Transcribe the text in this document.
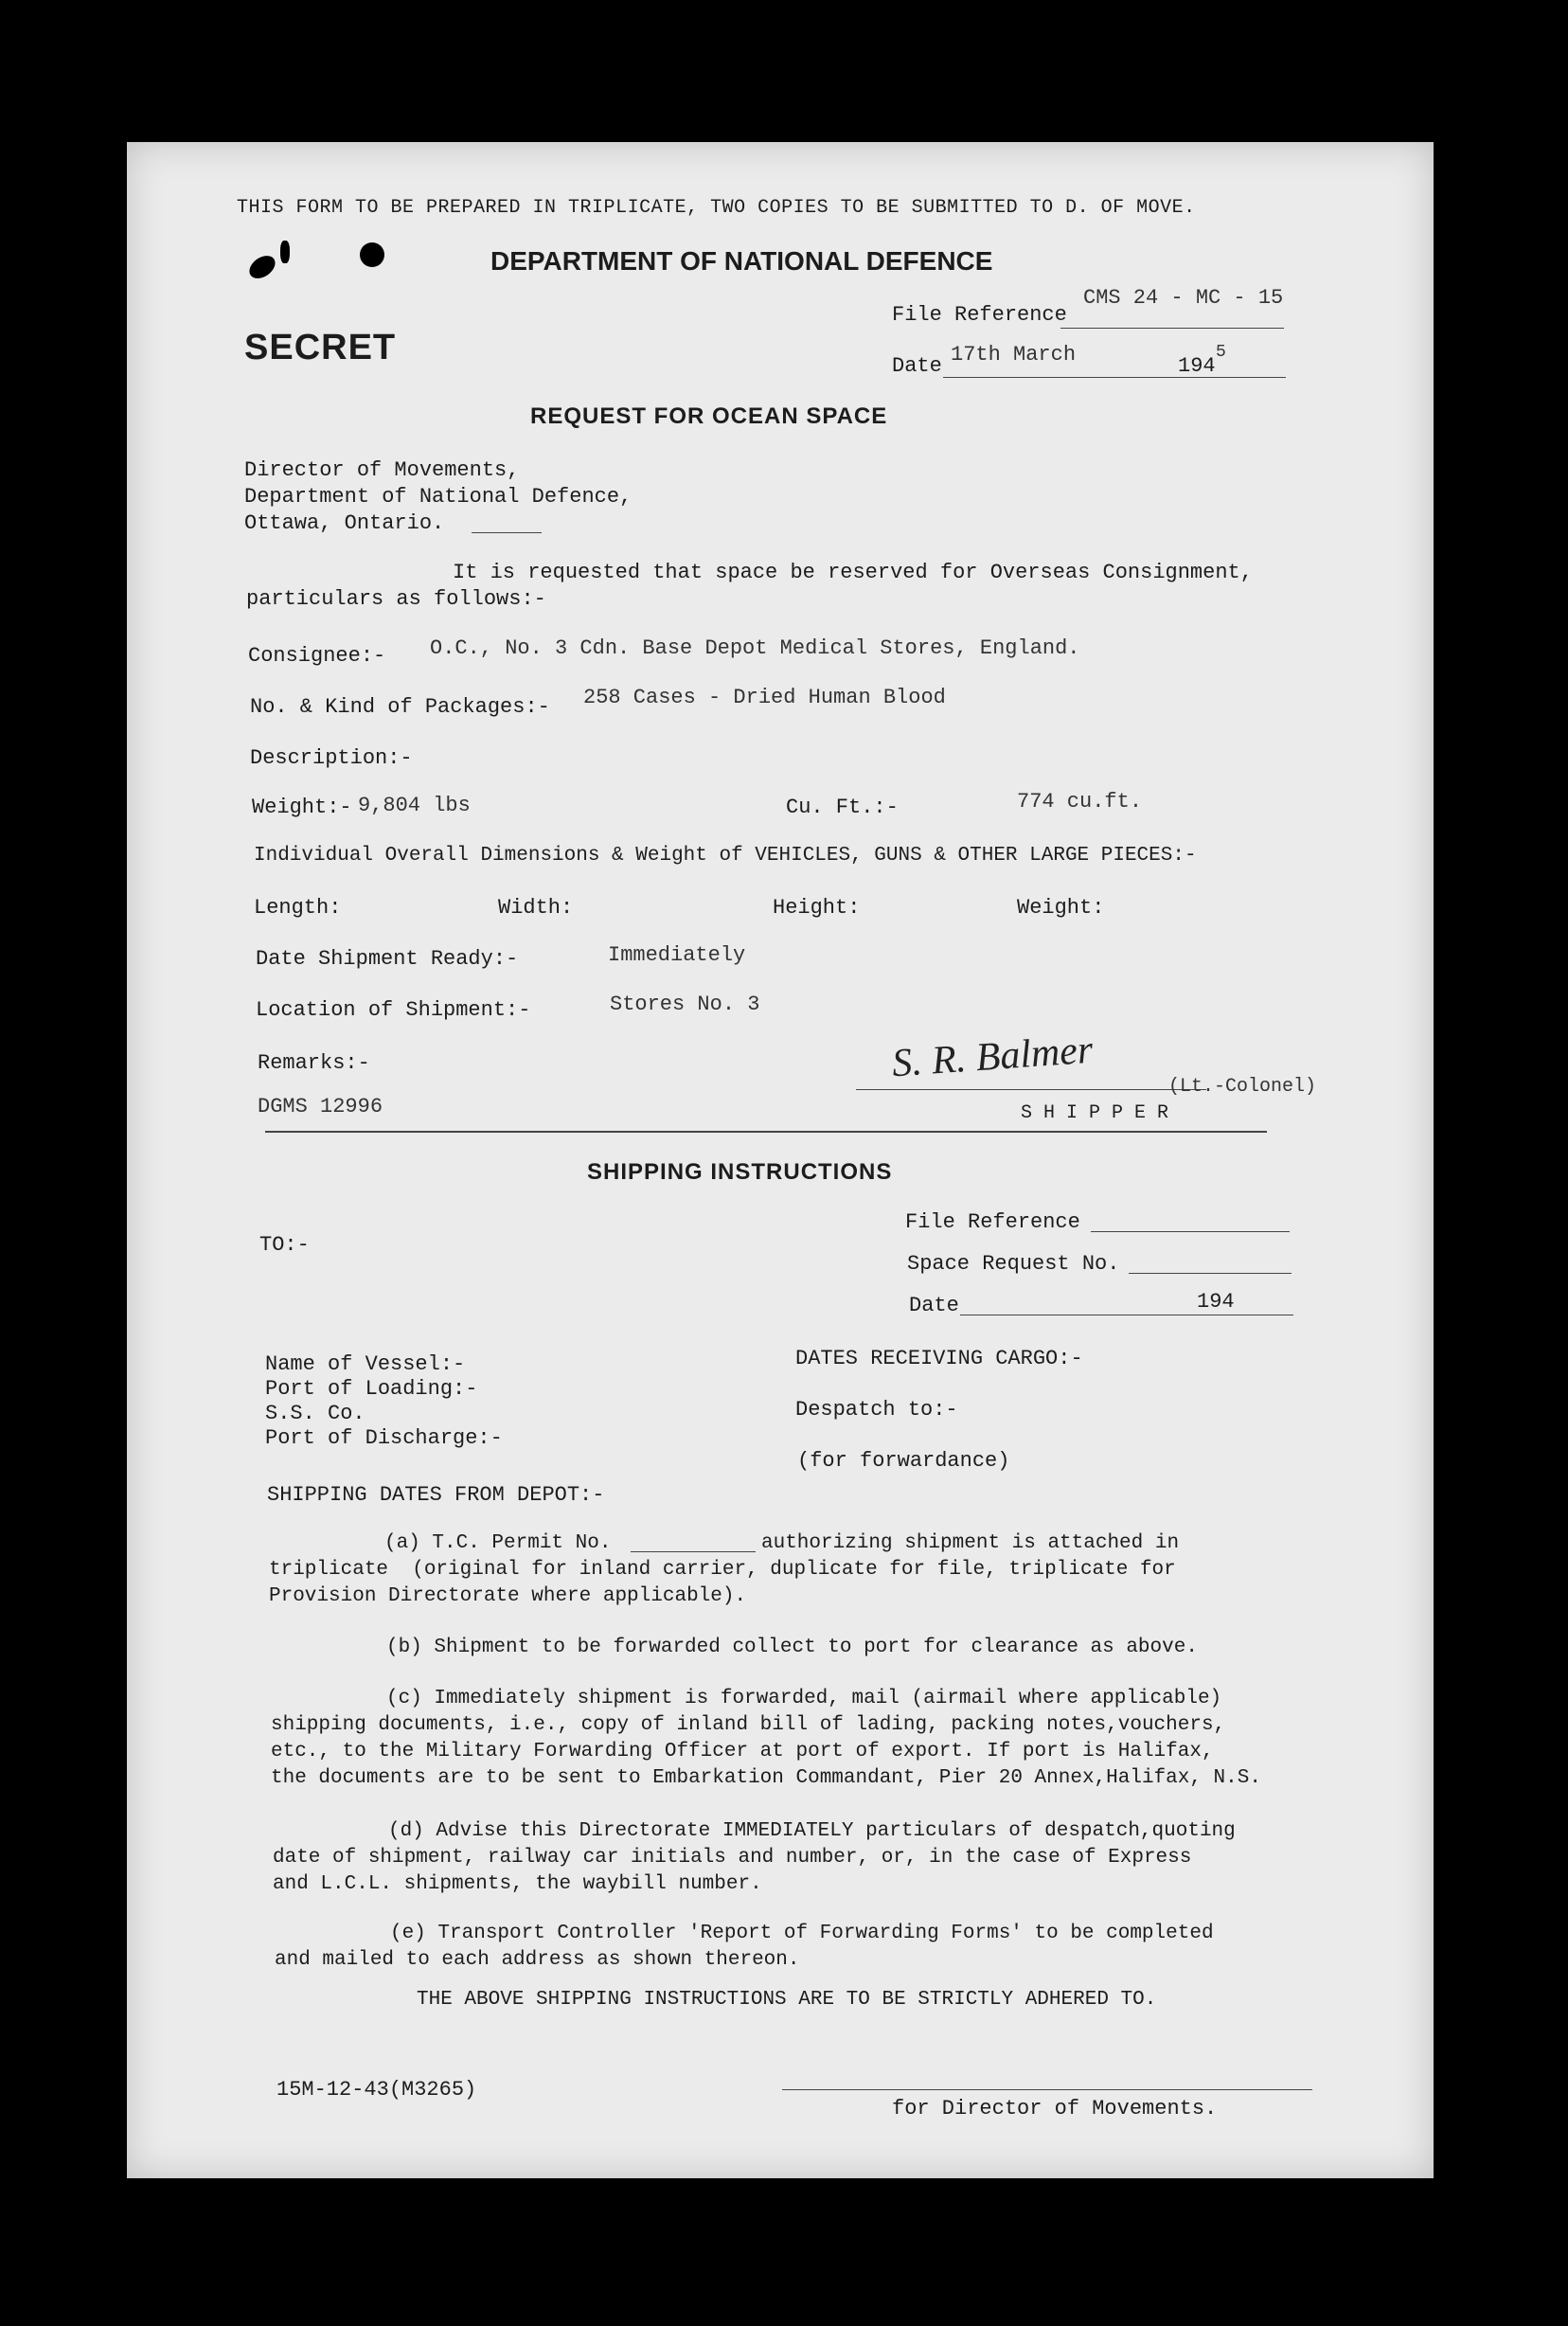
THIS FORM TO BE PREPARED IN TRIPLICATE, TWO COPIES TO BE SUBMITTED TO D. OF MOVE.
DEPARTMENT OF NATIONAL DEFENCE
File Reference
CMS 24 - MC - 15
SECRET	Date 17th March	194
5
REQUEST FOR OCEAN SPACE
Director of Movements,
Department of National Defence,
Ottawa, Ontario.
It is requested that space be reserved for Overseas Consignment,
particulars as follows:-
Consignee:- O.C., No. 3 Cdn. Base Depot Medical Stores, England.
No. & Kind of Packages:- 258 Cases - Dried Human Blood
Description:-
Weight:- 9,804 lbs	Cu. Ft.:-	774 cu.ft.
Individual Overall Dimensions & Weight of VEHICLES, GUNS & OTHER LARGE PIECES:-
Length:	Width:	Height:	Weight:
Date Shipment Ready:-	Immediately
Location of Shipment:-	Stores No. 3
Remarks:-
DGMS 12996
S. R. Balmer
(Lt.-Colonel)
S H I P P E R
SHIPPING INSTRUCTIONS
TO:-
File Reference
Space Request No.
Date	194
Name of Vessel:-
Port of Loading:-
S.S. Co.
Port of Discharge:-
DATES RECEIVING CARGO:-
Despatch to:-
(for forwardance)
SHIPPING DATES FROM DEPOT:-
(a) T.C. Permit No.	authorizing shipment is attached in
triplicate  (original for inland carrier, duplicate for file, triplicate for
Provision Directorate where applicable).
(b) Shipment to be forwarded collect to port for clearance as above.
(c) Immediately shipment is forwarded, mail (airmail where applicable)
shipping documents, i.e., copy of inland bill of lading, packing notes,vouchers,
etc., to the Military Forwarding Officer at port of export. If port is Halifax,
the documents are to be sent to Embarkation Commandant, Pier 20 Annex,Halifax, N.S.
(d) Advise this Directorate IMMEDIATELY particulars of despatch,quoting
date of shipment, railway car initials and number, or, in the case of Express
and L.C.L. shipments, the waybill number.
(e) Transport Controller 'Report of Forwarding Forms' to be completed
and mailed to each address as shown thereon.
THE ABOVE SHIPPING INSTRUCTIONS ARE TO BE STRICTLY ADHERED TO.
15M-12-43(M3265)
for Director of Movements.
